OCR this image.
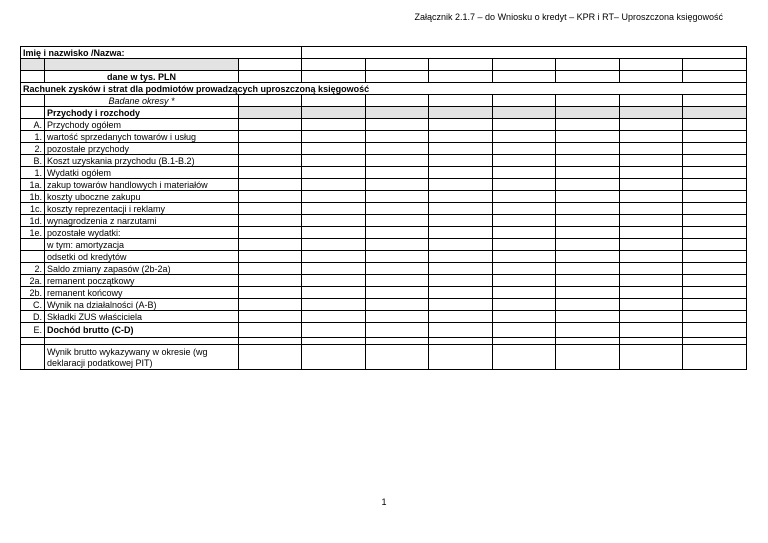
Załącznik 2.1.7 – do Wniosku o kredyt – KPR i RT– Uproszczona księgowość
Imię i nazwisko /Nazwa:									

	dane w tys. PLN								
Rachunek zysków i strat dla podmiotów prowadzących uproszczoną księgowość									
	Badane okresy *								
	Przychody i rozchody								
A.	Przychody ogółem								
1.	wartość sprzedanych towarów i usług								
2.	pozostałe przychody								
B.	Koszt uzyskania przychodu (B.1-B.2)								
1.	Wydatki ogółem								
1a.	zakup towarów handlowych i materiałów								
1b.	koszty uboczne zakupu								
1c.	koszty reprezentacji i reklamy								
1d.	wynagrodzenia z narzutami								
1e.	pozostałe wydatki:								
	w tym: amortyzacja								
	odsetki od kredytów								
2.	Saldo zmiany zapasów (2b-2a)								
2a.	remanent początkowy								
2b.	remanent końcowy								
C.	Wynik na działalności (A-B)								
D.	Składki ZUS właściciela								
E.	Dochód brutto (C-D)								

	Wynik brutto wykazywany w okresie (wg deklaracji podatkowej PIT)								
1
